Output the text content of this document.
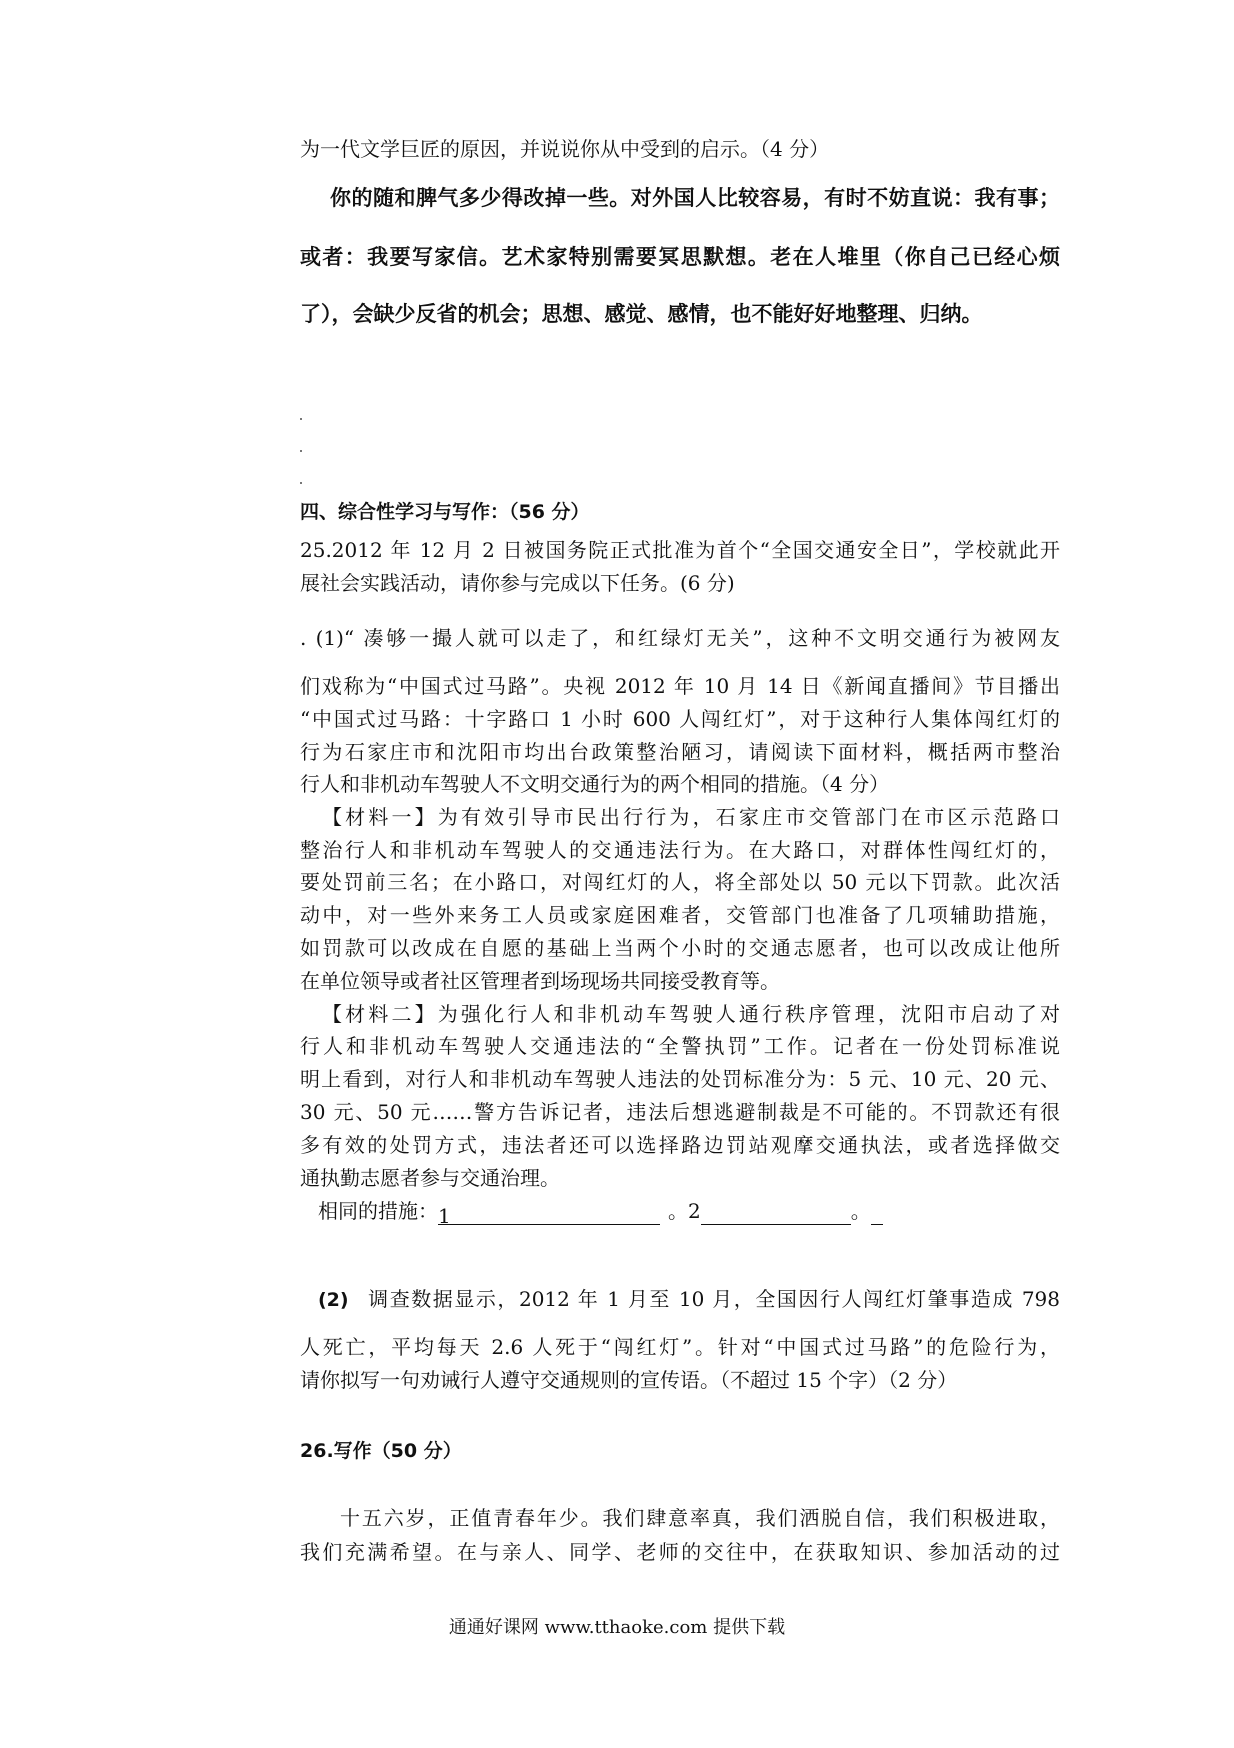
为一代文学巨匠的原因，并说说你从中受到的启示。（4 分）
你的随和脾气多少得改掉一些。对外国人比较容易，有时不妨直说：我有事；
或者：我要写家信。艺术家特别需要冥思默想。老在人堆里（你自己已经心烦
了），会缺少反省的机会；思想、感觉、感情，也不能好好地整理、归纳。
四、综合性学习与写作：（56 分）
25.2012 年 12 月 2 日被国务院正式批准为首个“全国交通安全日”，学校就此开
展社会实践活动，请你参与完成以下任务。(6 分)
. (1)“ 凑够一撮人就可以走了，和红绿灯无关”，这种不文明交通行为被网友
们戏称为“中国式过马路”。央视 2012 年 10 月 14 日《新闻直播间》节目播出
“中国式过马路：十字路口 1 小时 600 人闯红灯”，对于这种行人集体闯红灯的
行为石家庄市和沈阳市均出台政策整治陋习，请阅读下面材料，概括两市整治
行人和非机动车驾驶人不文明交通行为的两个相同的措施。（4 分）
【材料一】为有效引导市民出行行为，石家庄市交管部门在市区示范路口
整治行人和非机动车驾驶人的交通违法行为。在大路口，对群体性闯红灯的，
要处罚前三名；在小路口，对闯红灯的人，将全部处以 50 元以下罚款。此次活
动中，对一些外来务工人员或家庭困难者，交管部门也准备了几项辅助措施，
如罚款可以改成在自愿的基础上当两个小时的交通志愿者，也可以改成让他所
在单位领导或者社区管理者到场现场共同接受教育等。
【材料二】为强化行人和非机动车驾驶人通行秩序管理，沈阳市启动了对
行人和非机动车驾驶人交通违法的“全警执罚”工作。记者在一份处罚标准说
明上看到，对行人和非机动车驾驶人违法的处罚标准分为：5 元、10 元、20 元、
30 元、50 元……警方告诉记者，违法后想逃避制裁是不可能的。不罚款还有很
多有效的处罚方式，违法者还可以选择路边罚站观摩交通执法，或者选择做交
通执勤志愿者参与交通治理。
相同的措施：1	。2	。
(2) 调查数据显示，2012 年 1 月至 10 月，全国因行人闯红灯肇事造成 798
人死亡，平均每天 2.6 人死于“闯红灯”。针对“中国式过马路”的危险行为，
请你拟写一句劝诫行人遵守交通规则的宣传语。（不超过 15 个字）（2 分）
26.写作（50 分）
十五六岁，正值青春年少。我们肆意率真，我们洒脱自信，我们积极进取，
我们充满希望。在与亲人、同学、老师的交往中，在获取知识、参加活动的过
通通好课网 www.tthaoke.com 提供下载
